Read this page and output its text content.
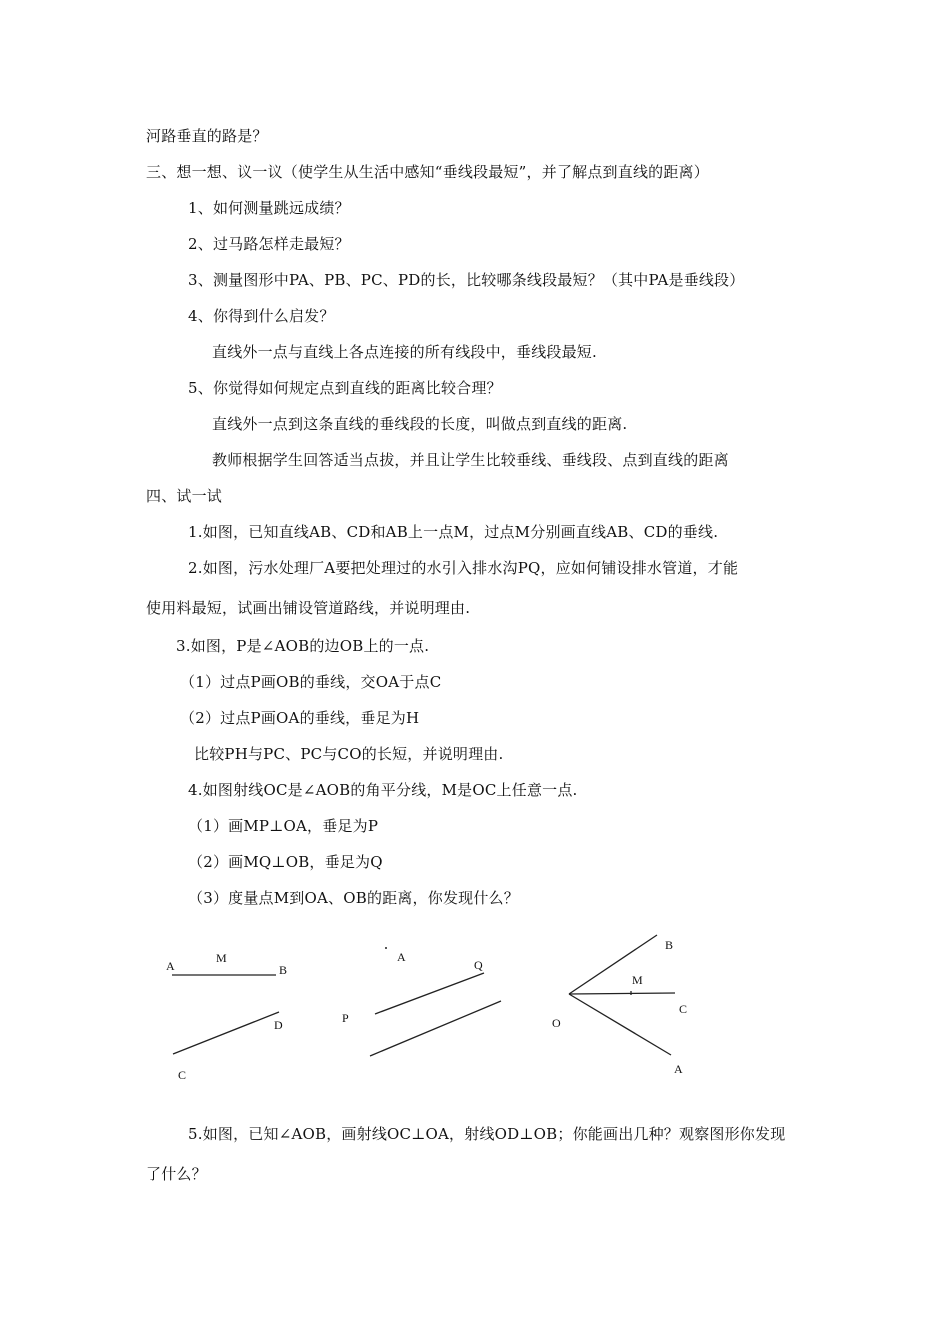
河路垂直的路是？
三、想一想、议一议（使学生从生活中感知“垂线段最短”，并了解点到直线的距离）
1、如何测量跳远成绩？
2、过马路怎样走最短？
3、测量图形中PA、PB、PC、PD的长，比较哪条线段最短？（其中PA是垂线段）
4、你得到什么启发？
直线外一点与直线上各点连接的所有线段中，垂线段最短.
5、你觉得如何规定点到直线的距离比较合理？
直线外一点到这条直线的垂线段的长度，叫做点到直线的距离.
教师根据学生回答适当点拔，并且让学生比较垂线、垂线段、点到直线的距离
四、试一试
1.如图，已知直线AB、CD和AB上一点M，过点M分别画直线AB、CD的垂线.
2.如图，污水处理厂A要把处理过的水引入排水沟PQ，应如何铺设排水管道，才能
使用料最短，试画出铺设管道路线，并说明理由.
3.如图，P是∠AOB的边OB上的一点.
（1）过点P画OB的垂线，交OA于点C
（2）过点P画OA的垂线，垂足为H
比较PH与PC、PC与CO的长短，并说明理由.
4.如图射线OC是∠AOB的角平分线，M是OC上任意一点.
（1）画MP⊥OA，垂足为P
（2）画MQ⊥OB，垂足为Q
（3）度量点M到OA、OB的距离，你发现什么？
5.如图，已知∠AOB，画射线OC⊥OA，射线OD⊥OB；你能画出几种？观察图形你发现
了什么？
A
M
B
C
D
A
Q
P
B
M
C
O
A
